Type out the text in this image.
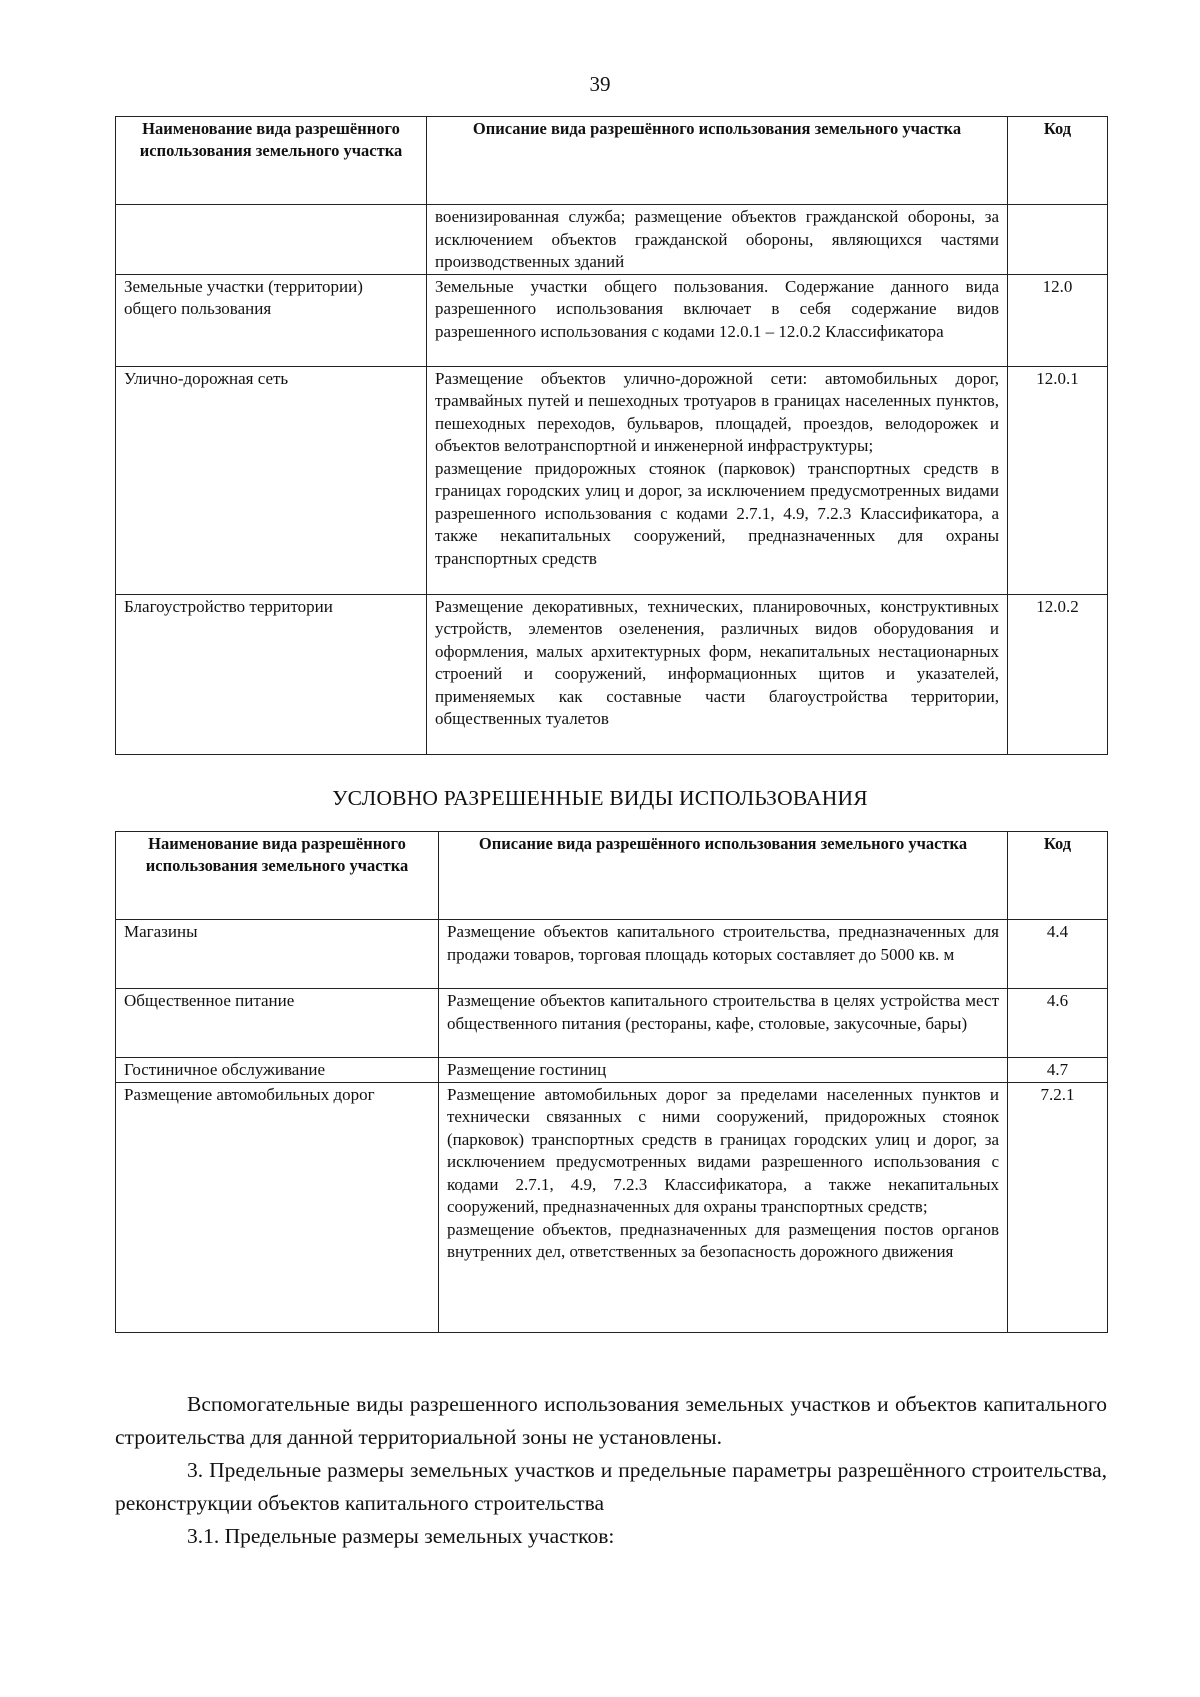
39
Наименование вида разрешённого использования земельного участка	Описание вида разрешённого использования земельного участка	Код
	военизированная служба; размещение объектов гражданской обороны, за исключением объектов гражданской обороны, являющихся частями производственных зданий	
Земельные участки (территории) общего пользования	Земельные участки общего пользования. Содержание данного вида разрешенного использования включает в себя содержание видов разрешенного использования с кодами 12.0.1 – 12.0.2 Классификатора	12.0
Улично-дорожная сеть	Размещение объектов улично-дорожной сети: автомобильных дорог, трамвайных путей и пешеходных тротуаров в границах населенных пунктов, пешеходных переходов, бульваров, площадей, проездов, велодорожек и объектов велотранспортной и инженерной инфраструктуры;
размещение придорожных стоянок (парковок) транспортных средств в границах городских улиц и дорог, за исключением предусмотренных видами разрешенного использования с кодами 2.7.1, 4.9, 7.2.3 Классификатора, а также некапитальных сооружений, предназначенных для охраны транспортных средств	12.0.1
Благоустройство территории	Размещение декоративных, технических, планировочных, конструктивных устройств, элементов озеленения, различных видов оборудования и оформления, малых архитектурных форм, некапитальных нестационарных строений и сооружений, информационных щитов и указателей, применяемых как составные части благоустройства территории, общественных туалетов	12.0.2
УСЛОВНО РАЗРЕШЕННЫЕ ВИДЫ ИСПОЛЬЗОВАНИЯ
Наименование вида разрешённого использования земельного участка	Описание вида разрешённого использования земельного участка	Код
Магазины	Размещение объектов капитального строительства, предназначенных для продажи товаров, торговая площадь которых составляет до 5000 кв. м	4.4
Общественное питание	Размещение объектов капитального строительства в целях устройства мест общественного питания (рестораны, кафе, столовые, закусочные, бары)	4.6
Гостиничное обслуживание	Размещение гостиниц	4.7
Размещение автомобильных дорог	Размещение автомобильных дорог за пределами населенных пунктов и технически связанных с ними сооружений, придорожных стоянок (парковок) транспортных средств в границах городских улиц и дорог, за исключением предусмотренных видами разрешенного использования с кодами 2.7.1, 4.9, 7.2.3 Классификатора, а также некапитальных сооружений, предназначенных для охраны транспортных средств;
размещение объектов, предназначенных для размещения постов органов внутренних дел, ответственных за безопасность дорожного движения	7.2.1
Вспомогательные виды разрешенного использования земельных участков и объектов капитального строительства для данной территориальной зоны не установлены.
3. Предельные размеры земельных участков и предельные параметры разрешённого строительства, реконструкции объектов капитального строительства
3.1. Предельные размеры земельных участков:
